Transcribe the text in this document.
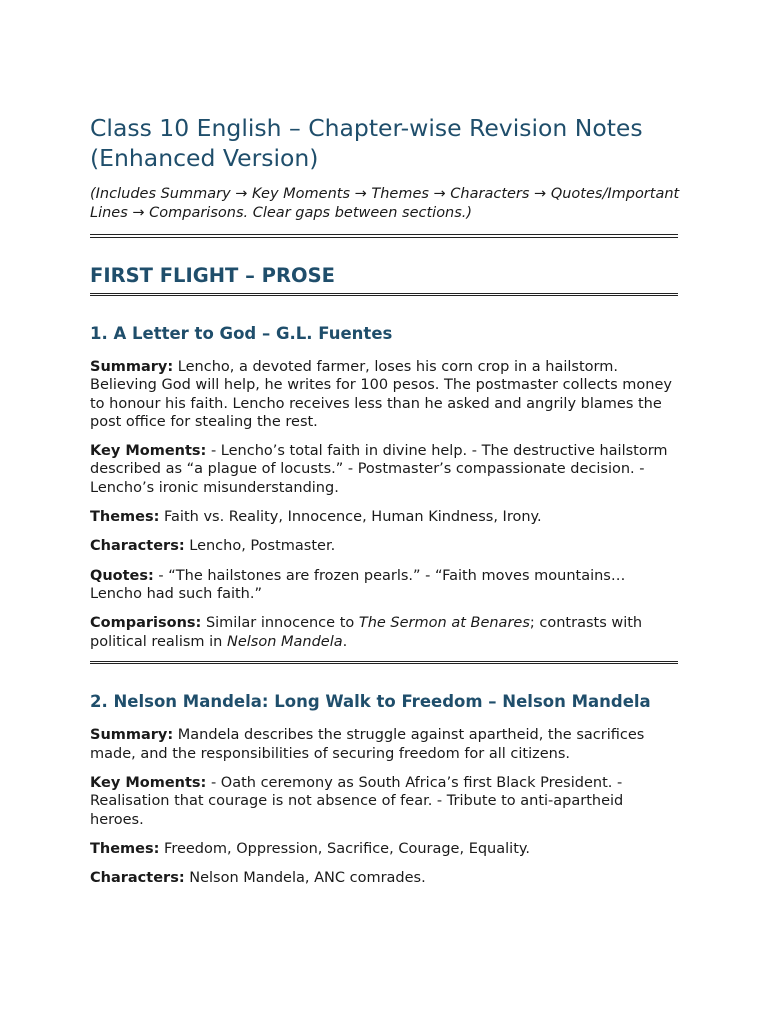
Class 10 English – Chapter-wise Revision Notes (Enhanced Version)

(Includes Summary → Key Moments → Themes → Characters → Quotes/Important Lines → Comparisons. Clear gaps between sections.)

FIRST FLIGHT – PROSE
1. A Letter to God – G.L. Fuentes

Summary: Lencho, a devoted farmer, loses his corn crop in a hailstorm. Believing God will help, he writes for 100 pesos. The postmaster collects money to honour his faith. Lencho receives less than he asked and angrily blames the post office for stealing the rest.

Key Moments: - Lencho’s total faith in divine help. - The destructive hailstorm described as “a plague of locusts.” - Postmaster’s compassionate decision. - Lencho’s ironic misunderstanding.

Themes: Faith vs. Reality, Innocence, Human Kindness, Irony.

Characters: Lencho, Postmaster.

Quotes: - “The hailstones are frozen pearls.” - “Faith moves mountains… Lencho had such faith.”

Comparisons: Similar innocence to The Sermon at Benares; contrasts with political realism in Nelson Mandela.

2. Nelson Mandela: Long Walk to Freedom – Nelson Mandela

Summary: Mandela describes the struggle against apartheid, the sacrifices made, and the responsibilities of securing freedom for all citizens.

Key Moments: - Oath ceremony as South Africa’s first Black President. - Realisation that courage is not absence of fear. - Tribute to anti-apartheid heroes.

Themes: Freedom, Oppression, Sacrifice, Courage, Equality.

Characters: Nelson Mandela, ANC comrades.
